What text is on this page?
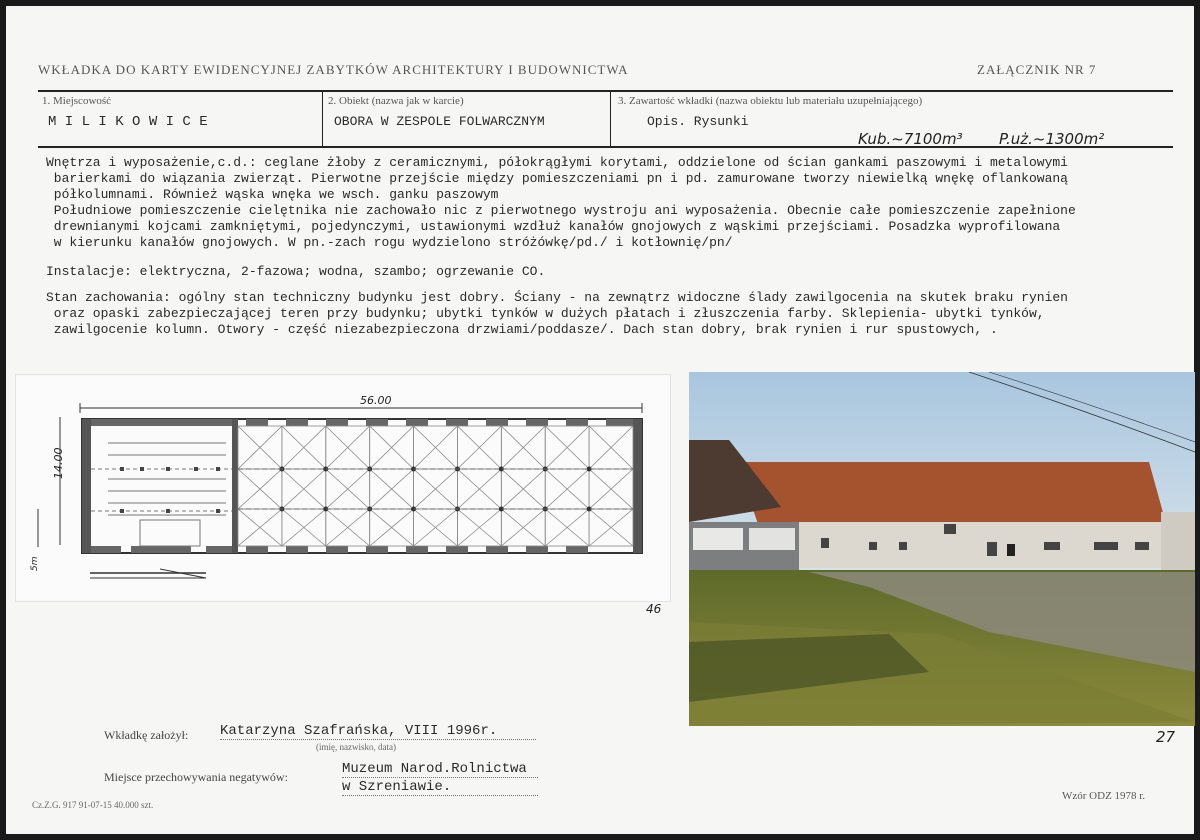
WKŁADKA DO KARTY EWIDENCYJNEJ ZABYTKÓW ARCHITEKTURY I BUDOWNICTWA	ZAŁĄCZNIK NR 7
1. Miejscowość
M I L I K O W I C E
2. Obiekt (nazwa jak w karcie)
OBORA W ZESPOLE FOLWARCZNYM
3. Zawartość wkładki (nazwa obiektu lub materiału uzupełniającego)
Opis. Rysunki
Kub.~7100m³ P.uż.~1300m²
Wnętrza i wyposażenie,c.d.: ceglane żłoby z ceramicznymi, półokrągłymi korytami, oddzielone od ścian gankami paszowymi i metalowymi
barierkami do wiązania zwierząt. Pierwotne przejście między pomieszczeniami pn i pd. zamurowane tworzy niewielką wnękę oflankowaną
półkolumnami. Również wąska wnęka we wsch. ganku paszowym
Południowe pomieszczenie cielętnika nie zachowało nic z pierwotnego wystroju ani wyposażenia. Obecnie całe pomieszczenie zapełnione
drewnianymi kojcami zamkniętymi, pojedynczymi, ustawionymi wzdłuż kanałów gnojowych z wąskimi przejściami. Posadzka wyprofilowana
w kierunku kanałów gnojowych. W pn.-zach rogu wydzielono stróżówkę/pd./ i kotłownię/pn/
Instalacje: elektryczna, 2-fazowa; wodna, szambo; ogrzewanie CO.
Stan zachowania: ogólny stan techniczny budynku jest dobry. Ściany - na zewnątrz widoczne ślady zawilgocenia na skutek braku rynien
oraz opaski zabezpieczającej teren przy budynku; ubytki tynków w dużych płatach i złuszczenia farby. Sklepienia- ubytki tynków,
zawilgocenie kolumn. Otwory - część niezabezpieczona drzwiami/poddasze/. Dach stan dobry, brak rynien i rur spustowych, .
56.00
14.00
5m
46
27
Wkładkę założył: Katarzyna Szafrańska, VIII 1996r.
(imię, nazwisko, data)
Miejsce przechowywania negatywów:	Muzeum Narod.Rolnictwa
w Szreniawie.
Cz.Z.G. 917 91-07-15 40.000 szt.
Wzór ODZ 1978 r.
